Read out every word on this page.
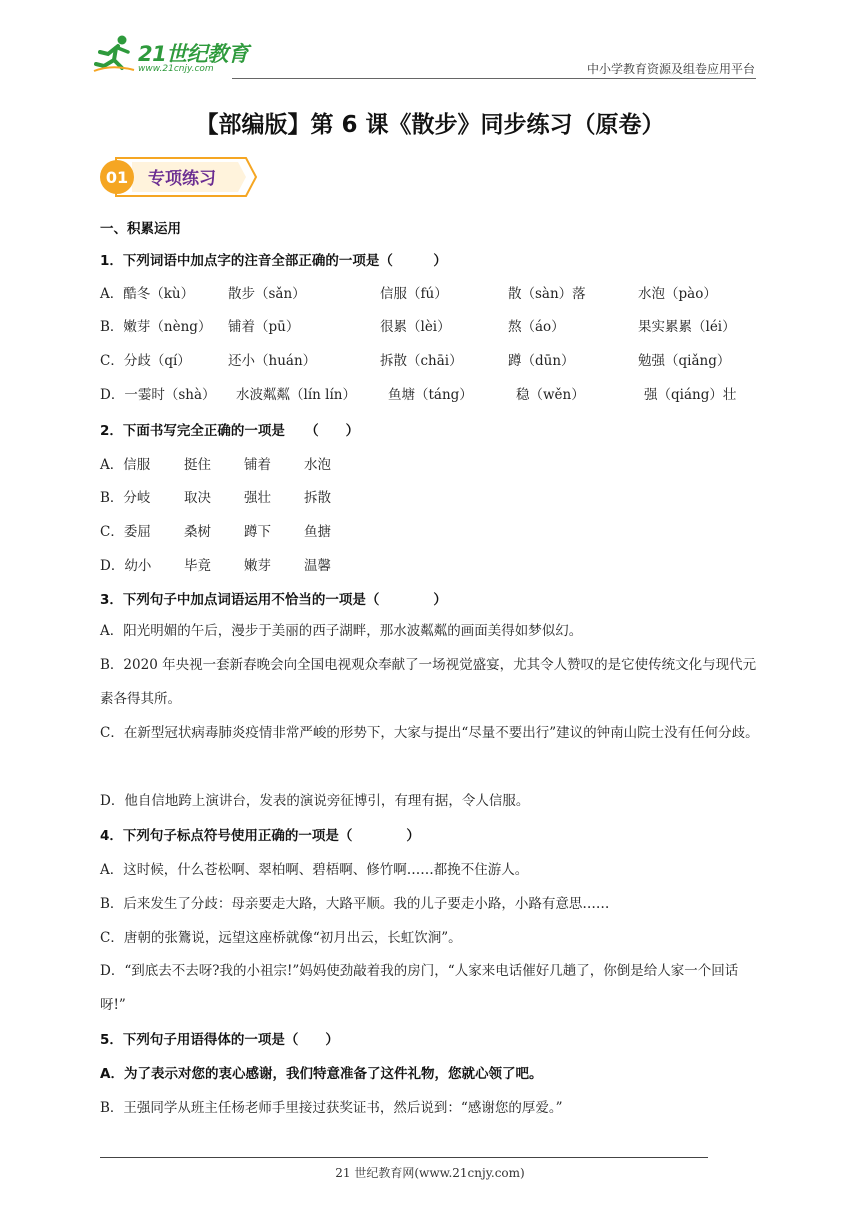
21世纪教育
www.21cnjy.com	中小学教育资源及组卷应用平台
【部编版】第 6 课《散步》同步练习（原卷）
01 专项练习
一、积累运用
1．下列词语中加点字的注音全部正确的一项是（　　　）
A．酷冬（kù）	散步（sǎn）	信服（fú）	散（sàn）落	水泡（pào）
B．嫩芽（nèng） 铺着（pū）	很累（lèi）	熬（áo）	果实累累（léi）
C．分歧（qí）	还小（huán）	拆散（chāi）	蹲（dūn）	勉强（qiǎng）
D．一霎时（shà） 水波粼粼（lín lín） 鱼塘（táng）	稳（wěn）	强（qiáng）壮
2．下面书写完全正确的一项是　　（　　）
A．信服	挺住 铺着 水泡
B．分岐 取决 强壮 拆散
C．委屈 桑树 蹲下 鱼搪
D．幼小 毕竟 嫩芽 温馨
3．下列句子中加点词语运用不恰当的一项是（　　　　）
A．阳光明媚的午后，漫步于美丽的西子湖畔，那水波粼粼的画面美得如梦似幻。
B．2020 年央视一套新春晚会向全国电视观众奉献了一场视觉盛宴，尤其令人赞叹的是它使传统文化与现代元素各得其所。
C．在新型冠状病毒肺炎疫情非常严峻的形势下，大家与提出“尽量不要出行”建议的钟南山院士没有任何分歧。
D．他自信地跨上演讲台，发表的演说旁征博引，有理有据，令人信服。
4．下列句子标点符号使用正确的一项是（　　　　）
A．这时候，什么苍松啊、翠柏啊、碧梧啊、修竹啊……都挽不住游人。
B．后来发生了分歧：母亲要走大路，大路平顺。我的儿子要走小路，小路有意思……
C．唐朝的张鷟说，远望这座桥就像“初月出云，长虹饮涧”。
D．“到底去不去呀?我的小祖宗!”妈妈使劲敲着我的房门，“人家来电话催好几趟了，你倒是给人家一个回话呀!”
5．下列句子用语得体的一项是（　　）
A．为了表示对您的衷心感谢，我们特意准备了这件礼物，您就心领了吧。
B．王强同学从班主任杨老师手里接过获奖证书，然后说到：“感谢您的厚爱。”
21 世纪教育网(www.21cnjy.com)
